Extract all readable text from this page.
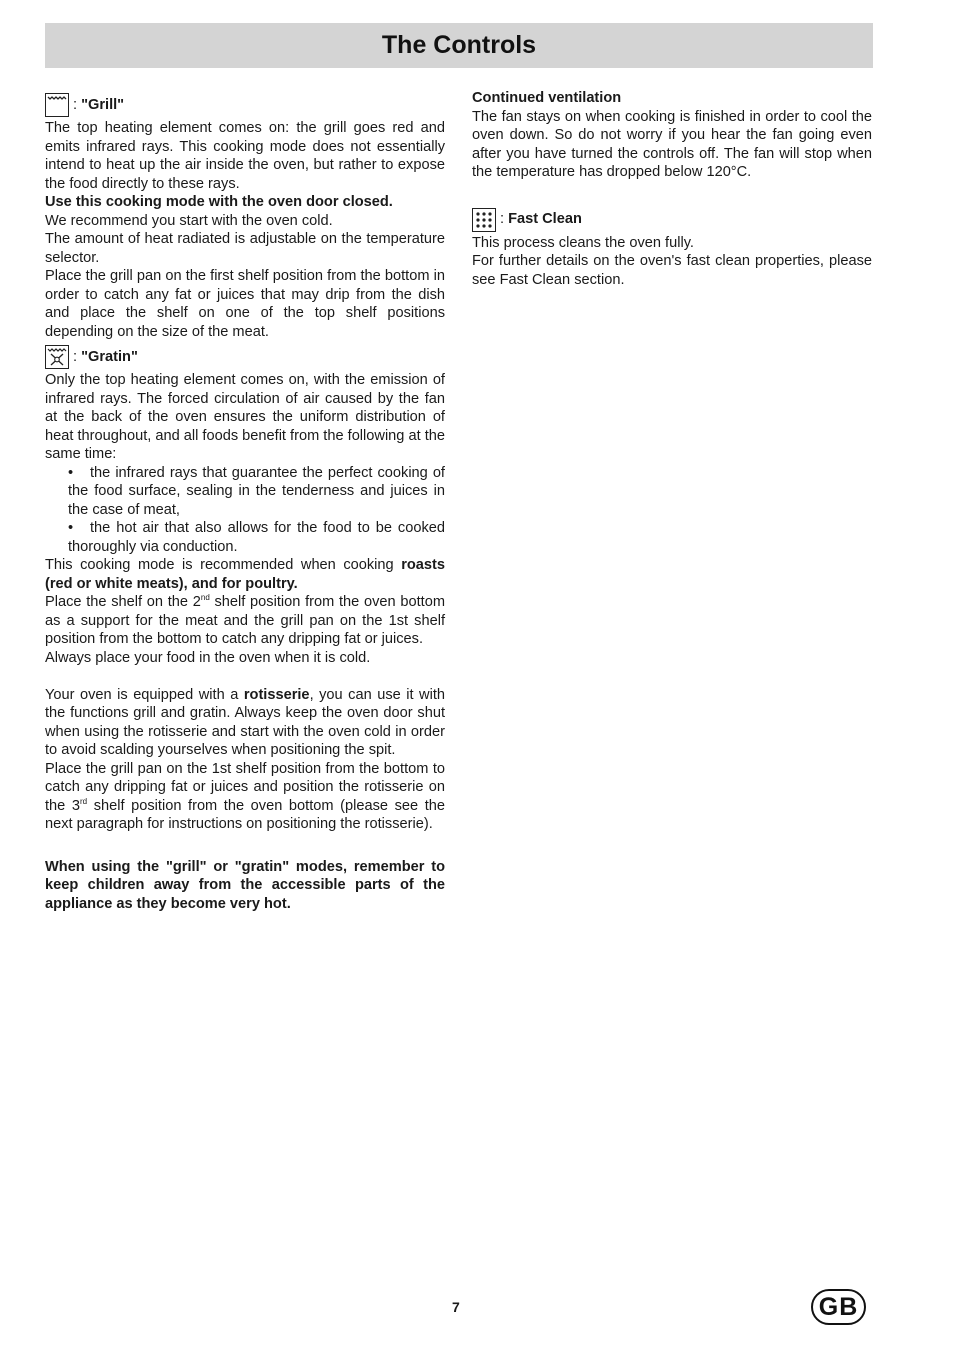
The Controls
: "Grill"

The top heating element comes on: the grill goes red and emits infrared rays. This cooking mode does not essentially intend to heat up the air inside the oven, but rather to expose the food directly to these rays.

Use this cooking mode with the oven door closed.

We recommend you start with the oven cold.

The amount of heat radiated is adjustable on the temperature selector.

Place the grill pan on the first shelf position from the bottom in order to catch any fat or juices that may drip from the dish and place the shelf on one of the top shelf positions depending on the size of the meat.

: "Gratin"

Only the top heating element comes on, with the emission of infrared rays. The forced circulation of air caused by the fan at the back of the oven ensures the uniform distribution of heat throughout, and all foods benefit from the following at the same time:

•	the infrared rays that guarantee the perfect cooking of the food surface, sealing in the tenderness and juices in the case of meat,
•	the hot air that also allows for the food to be cooked thoroughly via conduction.

This cooking mode is recommended when cooking roasts (red or white meats), and for poultry.

Place the shelf on the 2nd shelf position from the oven bottom as a support for the meat and the grill pan on the 1st shelf position from the bottom to catch any dripping fat or juices.

Always place your food in the oven when it is cold.

Your oven is equipped with a rotisserie, you can use it with the functions grill and gratin. Always keep the oven door shut when using the rotisserie and start with the oven cold in order to avoid scalding yourselves when positioning the spit.

Place the grill pan on the 1st shelf position from the bottom to catch any dripping fat or juices and position the rotisserie on the 3rd shelf position from the oven bottom (please see the next paragraph for instructions on positioning the rotisserie).

When using the "grill" or "gratin" modes, remember to keep children away from the accessible parts of the appliance as they become very hot.

Continued ventilation

The fan stays on when cooking is finished in order to cool the oven down. So do not worry if you hear the fan going even after you have turned the controls off. The fan will stop when the temperature has dropped below 120°C.

: Fast Clean

This process cleans the oven fully.

For further details on the oven's fast clean properties, please see Fast Clean section.

7	GB
